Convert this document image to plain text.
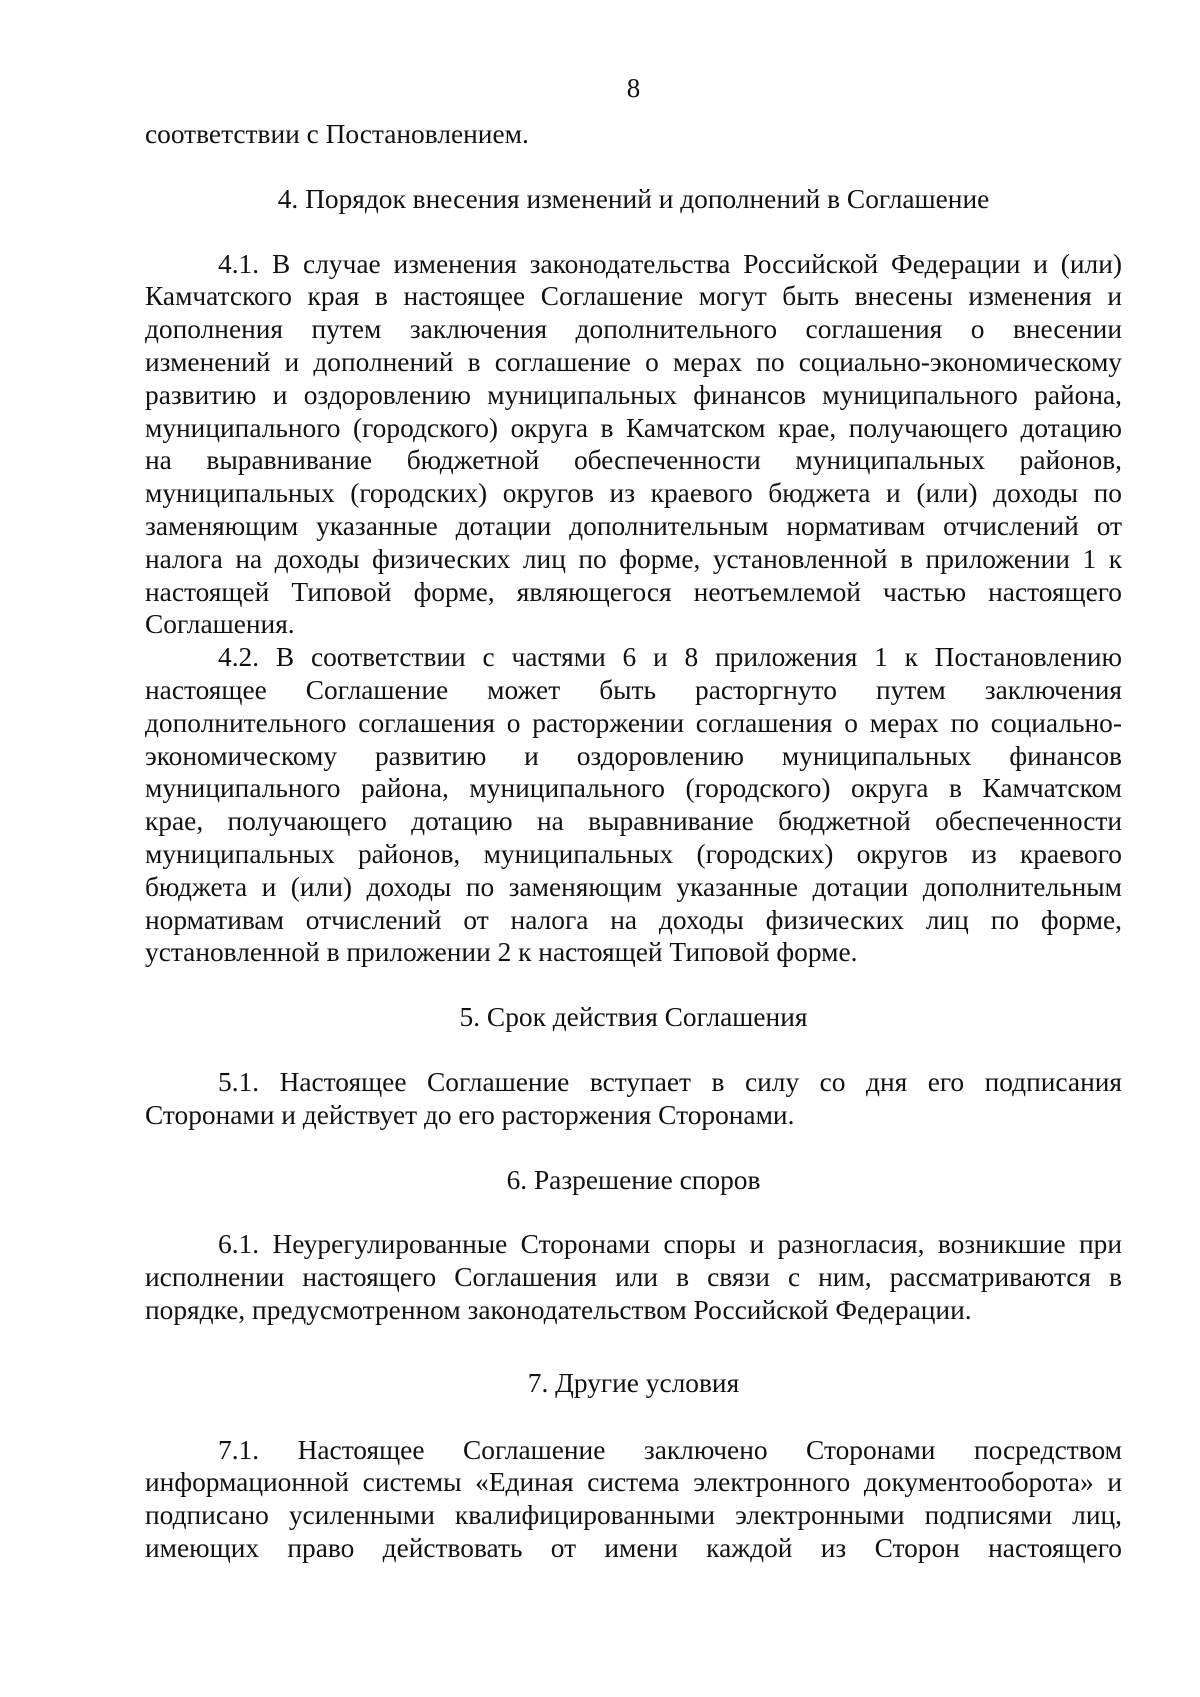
8
соответствии с Постановлением.
4. Порядок внесения изменений и дополнений в Соглашение
4.1. В случае изменения законодательства Российской Федерации и (или)
Камчатского края в настоящее Соглашение могут быть внесены изменения и
дополнения путем заключения дополнительного соглашения о внесении
изменений и дополнений в соглашение о мерах по социально-экономическому
развитию и оздоровлению муниципальных финансов муниципального района,
муниципального (городского) округа в Камчатском крае, получающего дотацию
на выравнивание бюджетной обеспеченности муниципальных районов,
муниципальных (городских) округов из краевого бюджета и (или) доходы по
заменяющим указанные дотации дополнительным нормативам отчислений от
налога на доходы физических лиц по форме, установленной в приложении 1 к
настоящей Типовой форме, являющегося неотъемлемой частью настоящего
Соглашения.
4.2. В соответствии с частями 6 и 8 приложения 1 к Постановлению
настоящее Соглашение может быть расторгнуто путем заключения
дополнительного соглашения о расторжении соглашения о мерах по социально-
экономическому развитию и оздоровлению муниципальных финансов
муниципального района, муниципального (городского) округа в Камчатском
крае, получающего дотацию на выравнивание бюджетной обеспеченности
муниципальных районов, муниципальных (городских) округов из краевого
бюджета и (или) доходы по заменяющим указанные дотации дополнительным
нормативам отчислений от налога на доходы физических лиц по форме,
установленной в приложении 2 к настоящей Типовой форме.
5. Срок действия Соглашения
5.1. Настоящее Соглашение вступает в силу со дня его подписания
Сторонами и действует до его расторжения Сторонами.
6. Разрешение споров
6.1. Неурегулированные Сторонами споры и разногласия, возникшие при
исполнении настоящего Соглашения или в связи с ним, рассматриваются в
порядке, предусмотренном законодательством Российской Федерации.
7. Другие условия
7.1. Настоящее Соглашение заключено Сторонами посредством
информационной системы «Единая система электронного документооборота» и
подписано усиленными квалифицированными электронными подписями лиц,
имеющих право действовать от имени каждой из Сторон настоящего
